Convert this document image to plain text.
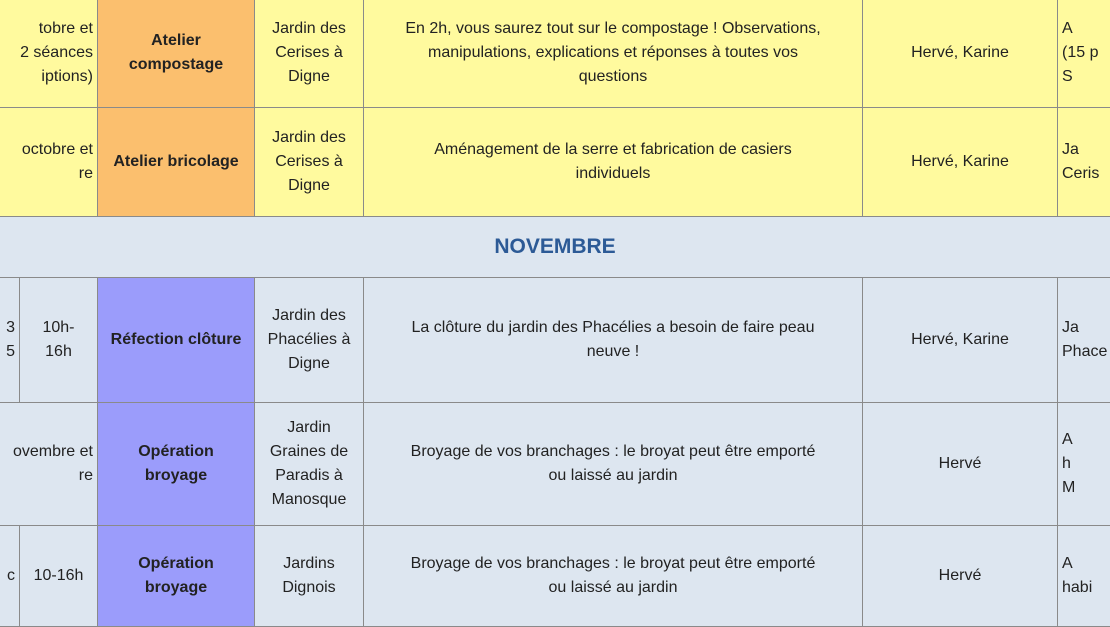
tobre et
2 séances
iptions)
Atelier
compostage
Jardin des
Cerises à
Digne
En 2h, vous saurez tout sur le compostage ! Observations,
manipulations, explications et réponses à toutes vos
questions
Hervé, Karine
A
(15 p
S
octobre et
re
Atelier bricolage
Jardin des
Cerises à
Digne
Aménagement de la serre et fabrication de casiers
individuels
Hervé, Karine
Ja
Ceris
NOVEMBRE
3
5
10h-
16h
Réfection clôture
Jardin des
Phacélies à
Digne
La clôture du jardin des Phacélies a besoin de faire peau
neuve !
Hervé, Karine
Ja
Phace
ovembre et
re
Opération
broyage
Jardin
Graines de
Paradis à
Manosque
Broyage de vos branchages : le broyat peut être emporté
ou laissé au jardin
Hervé
A
h
M
c	10-16h
Opération
broyage
Jardins
Dignois
Broyage de vos branchages : le broyat peut être emporté
ou laissé au jardin
Hervé
A
habi
